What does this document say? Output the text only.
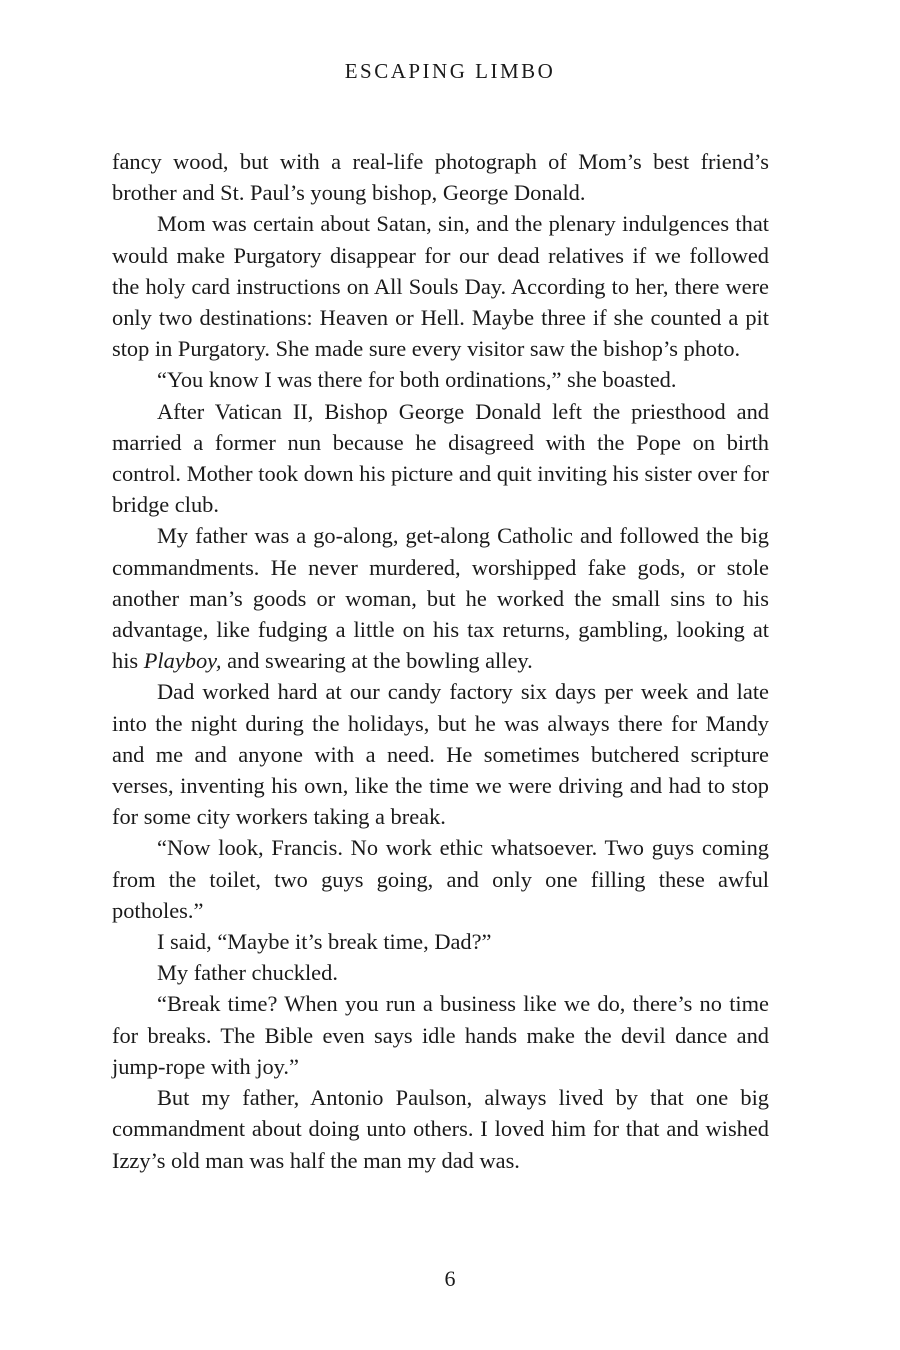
ESCAPING LIMBO

fancy wood, but with a real-life photograph of Mom’s best friend’s brother and St. Paul’s young bishop, George Donald.

Mom was certain about Satan, sin, and the plenary indulgences that would make Purgatory disappear for our dead relatives if we followed the holy card instructions on All Souls Day. According to her, there were only two destinations: Heaven or Hell. Maybe three if she counted a pit stop in Purgatory. She made sure every visitor saw the bishop’s photo.

“You know I was there for both ordinations,” she boasted.

After Vatican II, Bishop George Donald left the priesthood and married a former nun because he disagreed with the Pope on birth control. Mother took down his picture and quit inviting his sister over for bridge club.

My father was a go-along, get-along Catholic and followed the big commandments. He never murdered, worshipped fake gods, or stole another man’s goods or woman, but he worked the small sins to his advantage, like fudging a little on his tax returns, gambling, looking at his Playboy, and swearing at the bowling alley.

Dad worked hard at our candy factory six days per week and late into the night during the holidays, but he was always there for Mandy and me and anyone with a need. He sometimes butchered scripture verses, inventing his own, like the time we were driving and had to stop for some city workers taking a break.

“Now look, Francis. No work ethic whatsoever. Two guys coming from the toilet, two guys going, and only one filling these awful potholes.”

I said, “Maybe it’s break time, Dad?”

My father chuckled.

“Break time? When you run a business like we do, there’s no time for breaks. The Bible even says idle hands make the devil dance and jump-rope with joy.”

But my father, Antonio Paulson, always lived by that one big commandment about doing unto others. I loved him for that and wished Izzy’s old man was half the man my dad was.

6
